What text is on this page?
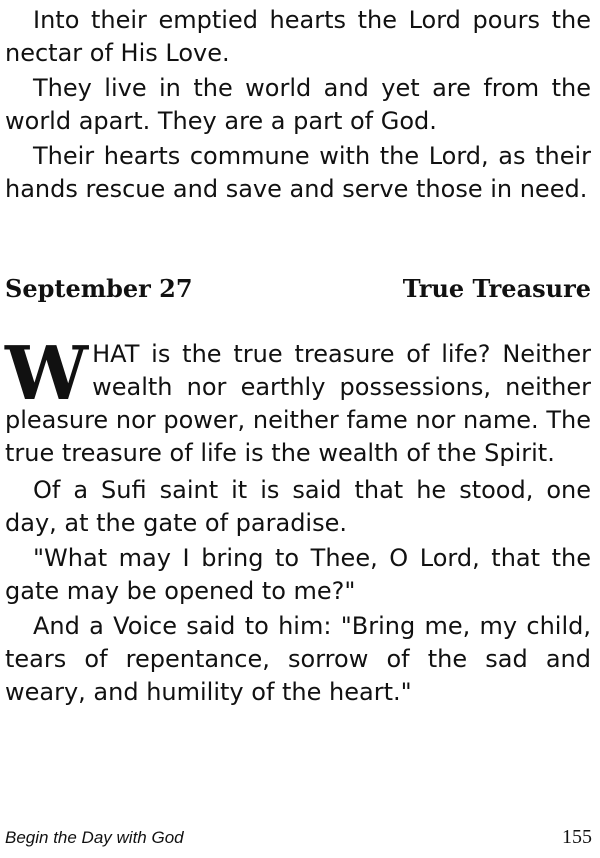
Into their emptied hearts the Lord pours the nectar of His Love.

They live in the world and yet are from the world apart. They are a part of God.

Their hearts commune with the Lord, as their hands rescue and save and serve those in need.

September 27	True Treasure
W HAT is the true treasure of life? Neither wealth nor earthly possessions, neither pleasure nor power, neither fame nor name. The true treasure of life is the wealth of the Spirit.

Of a Sufi saint it is said that he stood, one day, at the gate of paradise.

"What may I bring to Thee, O Lord, that the gate may be opened to me?"

And a Voice said to him: "Bring me, my child, tears of repentance, sorrow of the sad and weary, and humility of the heart."

Begin the Day with God	155
